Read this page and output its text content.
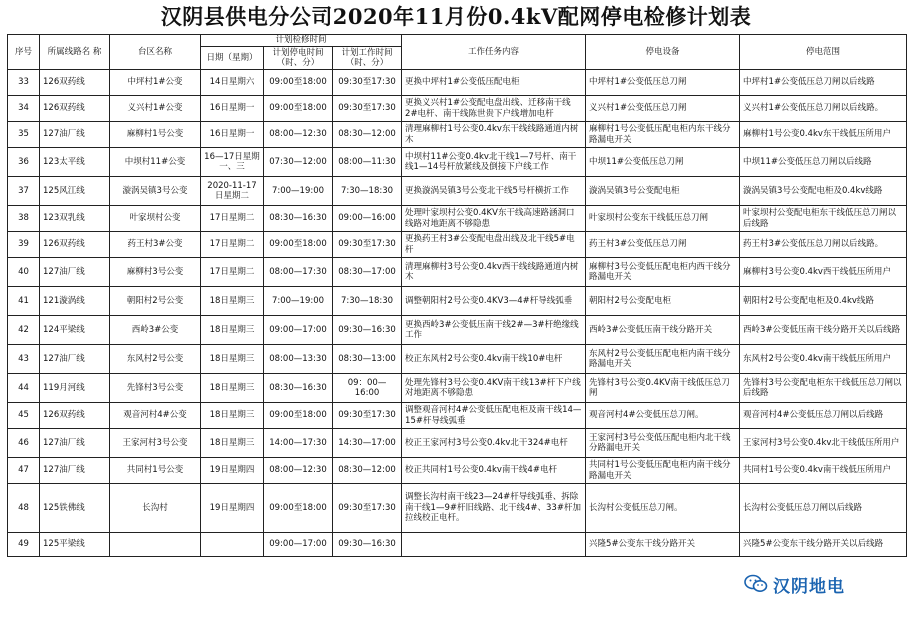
汉阴县供电分公司2020年11月份0.4kV配网停电检修计划表
序号	所属线路名 称	台区名称	计划检修时间			工作任务内容	停电设备	停电范围
			日期（星期）	计划停电时间（时、分）	计划工作时间（时、分）			
33	126双药线	中坪村1#公变	14日星期六	09:00至18:00	09:30至17:30	更换中坪村1#公变低压配电柜	中坪村1#公变低压总刀闸	中坪村1#公变低压总刀闸以后线路
34	126双药线	义兴村1#公变	16日星期一	09:00至18:00	09:30至17:30	更换义兴村1#公变配电盘出线、迁移南干线2#电杆、南干线陈世贵下户线增加电杆	义兴村1#公变低压总刀闸	义兴村1#公变低压总刀闸以后线路。
35	127油厂线	麻柳村1号公变	16日星期一	08:00—12:30	08:30—12:00	清理麻柳村1号公变0.4kv东干线线路通道内树木	麻柳村1号公变低压配电柜内东干线分路漏电开关	麻柳村1号公变0.4kv东干线低压所用户
36	123太平线	中坝村11#公变	16—17日星期一、三	07:30—12:00	08:00—11:30	中坝村11#公变0.4kv北干线1—7号杆、南干线1—14号杆放紧线及倒接下户线工作	中坝11#公变低压总刀闸	中坝11#公变低压总刀闸以后线路
37	125风江线	漩涡吴镇3号公变	2020-11-17日星期二	7:00—19:00	7:30—18:30	更换漩涡吴镇3号公变北干线5号杆横折工作	漩涡吴镇3号公变配电柜	漩涡吴镇3号公变配电柜及0.4kv线路
38	123双乳线	叶家坝村公变	17日星期二	08:30—16:30	09:00—16:00	处理叶家坝村公变0.4KV东干线高速路涵洞口线路对地距离不够隐患	叶家坝村公变东干线低压总刀闸	叶家坝村公变配电柜东干线低压总刀闸以后线路
39	126双药线	药王村3#公变	17日星期二	09:00至18:00	09:30至17:30	更换药王村3#公变配电盘出线及北干线5#电杆	药王村3#公变低压总刀闸	药王村3#公变低压总刀闸以后线路。
40	127油厂线	麻柳村3号公变	17日星期二	08:00—17:30	08:30—17:00	清理麻柳村3号公变0.4kv西干线线路通道内树木	麻柳村3号公变低压配电柜内西干线分路漏电开关	麻柳村3号公变0.4kv西干线低压所用户
41	121漩涡线	朝阳村2号公变	18日星期三	7:00—19:00	7:30—18:30	调整朝阳村2号公变0.4KV3—4#杆导线弧垂	朝阳村2号公变配电柜	朝阳村2号公变配电柜及0.4kv线路
42	124平梁线	西岭3#公变	18日星期三	09:00—17:00	09:30—16:30	更换西岭3#公变低压南干线2#—3#杆绝缘线工作	西岭3#公变低压南干线分路开关	西岭3#公变低压南干线分路开关以后线路
43	127油厂线	东风村2号公变	18日星期三	08:00—13:30	08:30—13:00	校正东风村2号公变0.4kv南干线10#电杆	东风村2号公变低压配电柜内南干线分路漏电开关	东风村2号公变0.4kv南干线低压所用户
44	119月河线	先锋村3号公变	18日星期三	08:30—16:30	09：00—16:00	处理先锋村3号公变0.4KV南干线13#杆下户线对地距离不够隐患	先锋村3号公变0.4KV南干线低压总刀闸	先锋村3号公变配电柜东干线低压总刀闸以后线路
45	126双药线	观音河村4#公变	18日星期三	09:00至18:00	09:30至17:30	调整观音河村4#公变低压配电柜及南干线14—15#杆导线弧垂	观音河村4#公变低压总刀闸。	观音河村4#公变低压总刀闸以后线路
46	127油厂线	王家河村3号公变	18日星期三	14:00—17:30	14:30—17:00	校正王家河村3号公变0.4kv北干324#电杆	王家河村3号公变低压配电柜内北干线分路漏电开关	王家河村3号公变0.4kv北干线低压所用户
47	127油厂线	共同村1号公变	19日星期四	08:00—12:30	08:30—12:00	校正共同村1号公变0.4kv南干线4#电杆	共同村1号公变低压配电柜内南干线分路漏电开关	共同村1号公变0.4kv南干线低压所用户
48	125铁佛线	长沟村	19日星期四	09:00至18:00	09:30至17:30	调整长沟村南干线23—24#杆导线弧垂、拆除南干线1—9#杆旧线路、北干线4#、33#杆加拉线校正电杆。	长沟村公变低压总刀闸。	长沟村公变低压总刀闸以后线路
49	125平梁线			09:00—17:00	09:30—16:30		兴隆5#公变东干线分路开关	兴隆5#公变东干线分路开关以后线路
汉阴地电
